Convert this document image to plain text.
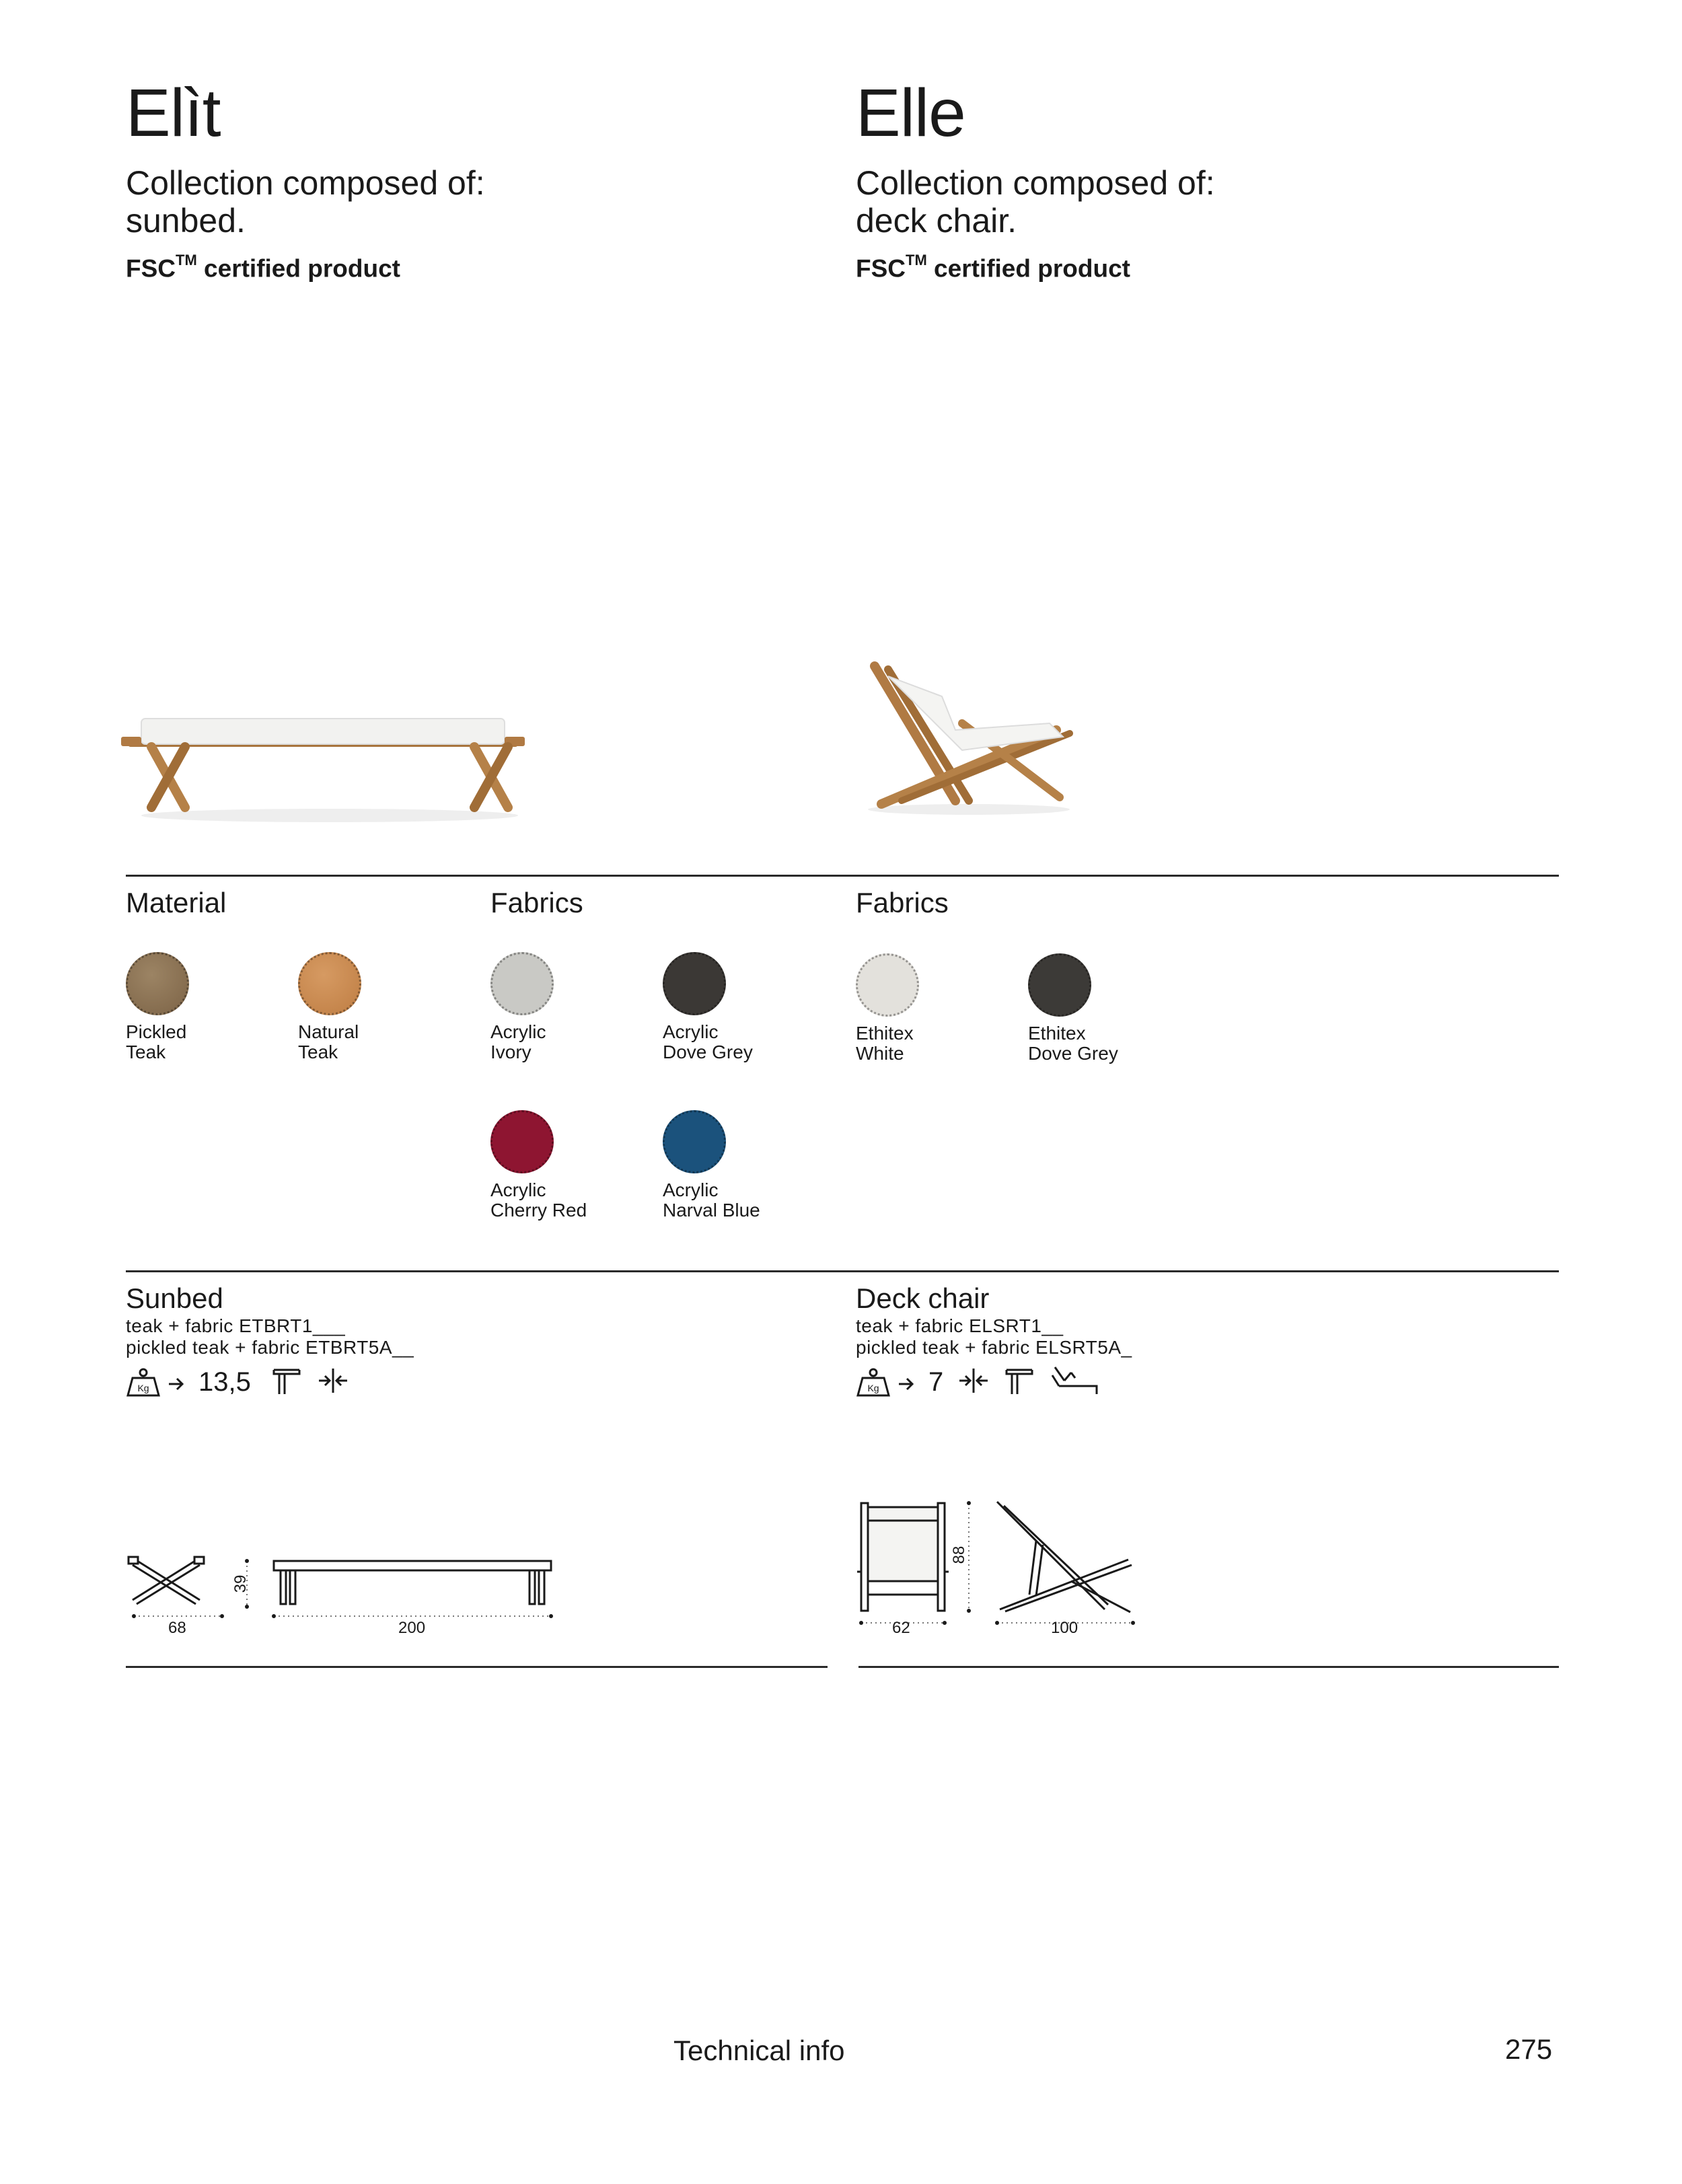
Elìt
Collection composed of:
sunbed.
FSC™ certified product
Elle
Collection composed of:
deck chair.
FSC™ certified product
Material
Pickled
Teak
Natural
Teak
Fabrics
Acrylic
Ivory
Acrylic
Dove Grey
Acrylic
Cherry Red
Acrylic
Narval Blue
Fabrics
Ethitex
White
Ethitex
Dove Grey
Sunbed
teak + fabric ETBRT1___
pickled teak + fabric ETBRT5A__
Kg 13,5
68	200
39
Deck chair
teak + fabric ELSRT1__
pickled teak + fabric ELSRT5A_
Kg 7
62	100
88
Technical info	275
